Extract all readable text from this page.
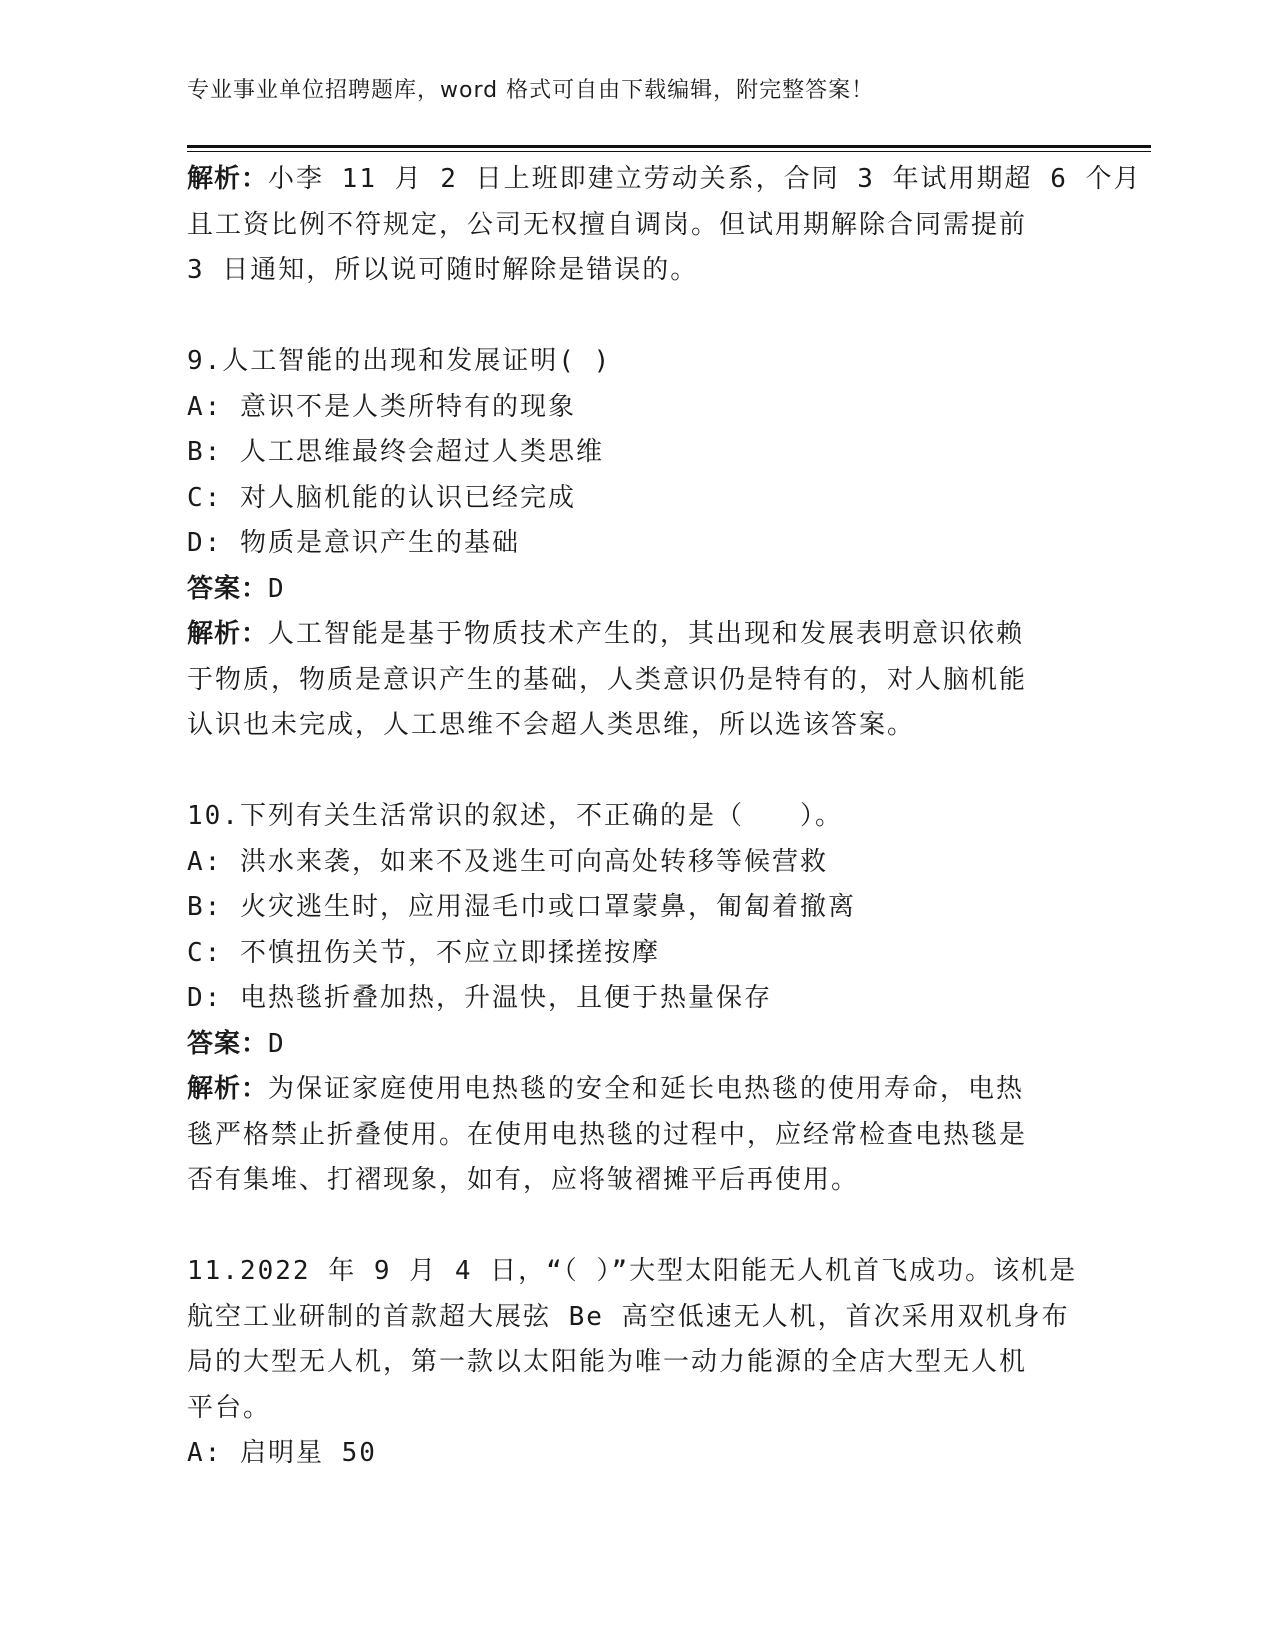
专业事业单位招聘题库，word 格式可自由下载编辑，附完整答案！
解析：小李 11 月 2 日上班即建立劳动关系，合同 3 年试用期超 6 个月
且工资比例不符规定，公司无权擅自调岗。但试用期解除合同需提前
3 日通知，所以说可随时解除是错误的。
9.人工智能的出现和发展证明( )
A: 意识不是人类所特有的现象
B: 人工思维最终会超过人类思维
C: 对人脑机能的认识已经完成
D: 物质是意识产生的基础
答案：D
解析：人工智能是基于物质技术产生的，其出现和发展表明意识依赖
于物质，物质是意识产生的基础，人类意识仍是特有的，对人脑机能
认识也未完成，人工思维不会超人类思维，所以选该答案。
10.下列有关生活常识的叙述，不正确的是（　　）。
A: 洪水来袭，如来不及逃生可向高处转移等候营救
B: 火灾逃生时，应用湿毛巾或口罩蒙鼻，匍匐着撤离
C: 不慎扭伤关节，不应立即揉搓按摩
D: 电热毯折叠加热，升温快，且便于热量保存
答案：D
解析：为保证家庭使用电热毯的安全和延长电热毯的使用寿命，电热
毯严格禁止折叠使用。在使用电热毯的过程中，应经常检查电热毯是
否有集堆、打褶现象，如有，应将皱褶摊平后再使用。
11.2022 年 9 月 4 日，“（ ）”大型太阳能无人机首飞成功。该机是
航空工业研制的首款超大展弦 Be 高空低速无人机，首次采用双机身布
局的大型无人机，第一款以太阳能为唯一动力能源的全店大型无人机
平台。
A: 启明星 50
